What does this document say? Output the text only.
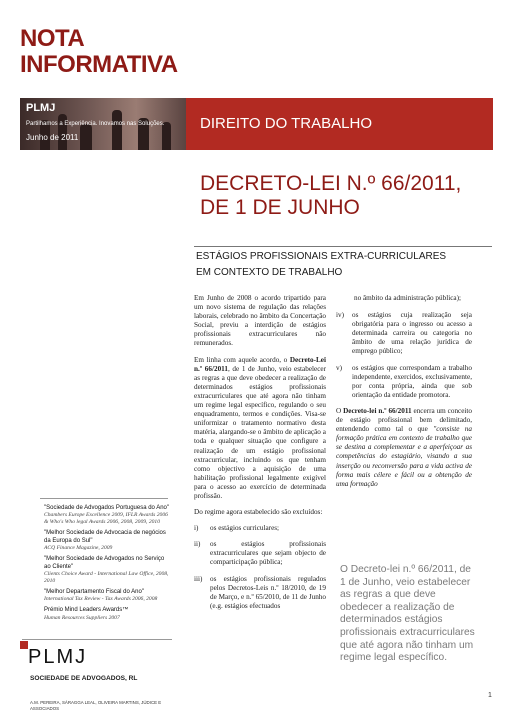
NOTA
INFORMATIVA
PLMJ
Partilhamos a Experiência. Inovamos nas Soluções.
Junho de 2011
DIREITO DO TRABALHO
DECRETO-LEI N.º 66/2011,
DE 1 DE JUNHO
ESTÁGIOS PROFISSIONAIS EXTRA-CURRICULARES
EM CONTEXTO DE TRABALHO

Em Junho de 2008 o acordo tripartido para um novo sistema de regulação das relações laborais, celebrado no âmbito da Concertação Social, previu a interdição de estágios profissionais extracurriculares não remunerados.

Em linha com aquele acordo, o Decreto-Lei n.º 66/2011, de 1 de Junho, veio estabelecer as regras a que deve obedecer a realização de determinados estágios profissionais extracurriculares que até agora não tinham um regime legal específico, regulando o seu enquadramento, termos e condições. Visa-se uniformizar o tratamento normativo desta matéria, alargando-se o âmbito de aplicação a toda e qualquer situação que configure a realização de um estágio profissional extracurricular, incluindo os que tenham como objectivo a aquisição de uma habilitação profissional legalmente exigível para o acesso ao exercício de determinada profissão.

Do regime agora estabelecido são excluídos:

i)	os estágios curriculares;
ii)	os estágios profissionais extracurriculares que sejam objecto de comparticipação pública;
iii)	os estágios profissionais regulados pelos Decretos-Leis n.º 18/2010, de 19 de Março, e n.º 65/2010, de 11 de Junho (e.g. estágios efectuados
no âmbito da administração pública);
iv)	os estágios cuja realização seja obrigatória para o ingresso ou acesso a determinada carreira ou categoria no âmbito de uma relação jurídica de emprego público;
v)	os estágios que correspondam a trabalho independente, exercidos, exclusivamente, por conta própria, ainda que sob orientação da entidade promotora.

O Decreto-lei n.º 66/2011 encerra um conceito de estágio profissional bem delimitado, entendendo como tal o que "consiste na formação prática em contexto de trabalho que se destina a complementar e a aperfeiçoar as competências do estagiário, visando a sua inserção ou reconversão para a vida activa de forma mais célere e fácil ou a obtenção de uma formação

O Decreto-lei n.º 66/2011, de 1 de Junho, veio estabelecer as regras a que deve obedecer a realização de determinados estágios profissionais extracurriculares que até agora não tinham um regime legal específico.
1
"Sociedade de Advogados Portuguesa do Ano"
Chambers Europe Excellence 2009, IFLR Awards 2006 & Who's Who legal Awards 2006, 2008, 2009, 2010
"Melhor Sociedade de Advocacia de negócios da Europa do Sul"
ACQ Finance Magazine, 2009
"Melhor Sociedade de Advogados no Serviço ao Cliente"
Clients Choice Award - International Law Office, 2008, 2010
"Melhor Departamento Fiscal do Ano"
International Tax Review - Tax Awards 2006, 2008
Prémio Mind Leaders Awards™
Human Resources Suppliers 2007
PLMJ
SOCIEDADE DE ADVOGADOS, RL
A.M. PEREIRA, SÁRAGGA LEAL, OLIVEIRA MARTINS, JÚDICE E ASSOCIADOS
